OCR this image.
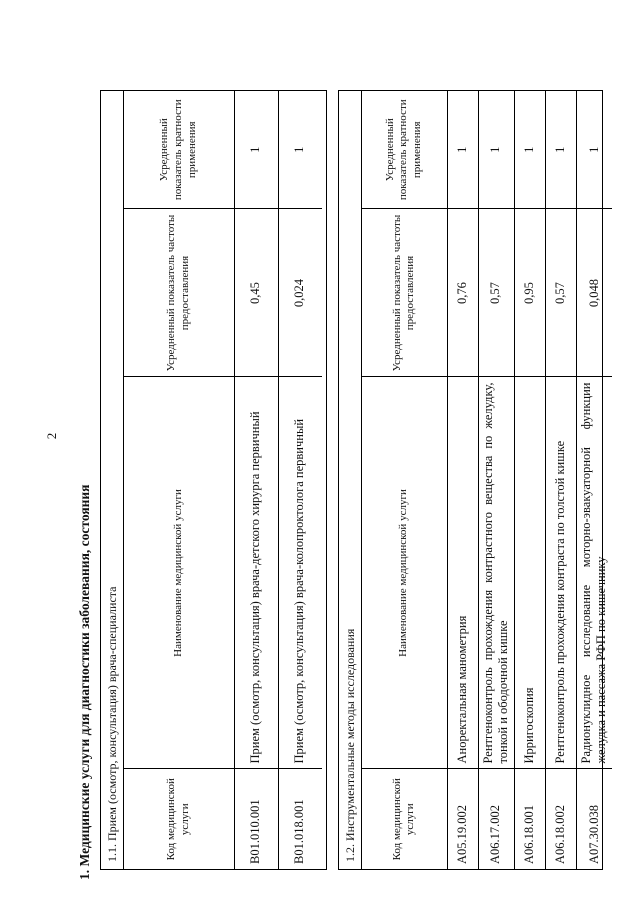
2
1. Медицинские услуги для диагностики заболевания, состояния	1.1. Прием (осмотр, консультация) врача-специалиста	Код медицинской услуги	Наименование медицинской услуги	Усредненный показатель частоты предоставления	Усредненный показатель кратности применения
B01.010.001	Прием (осмотр, консультация) врача-детского хирурга первичный	0,45	1
B01.018.001	Прием (осмотр, консультация) врача-колопроктолога первичный	0,024	1
1.2. Инструментальные методы исследования	Код медицинской услуги	Наименование медицинской услуги	Усредненный показатель частоты предоставления	Усредненный показатель кратности применения
A05.19.002	Аноректальная манометрия	0,76	1
A06.17.002	Рентгеноконтроль прохождения контрастного вещества по желудку, тонкой и ободочной кишке	0,57	1
A06.18.001	Ирригоскопия	0,95	1
A06.18.002	Рентгеноконтроль прохождения контраста по толстой кишке	0,57	1
A07.30.038	Радионуклидное исследование моторно-эвакуаторной функции желудка и пассажа РФП по кишечнику	0,048	1
